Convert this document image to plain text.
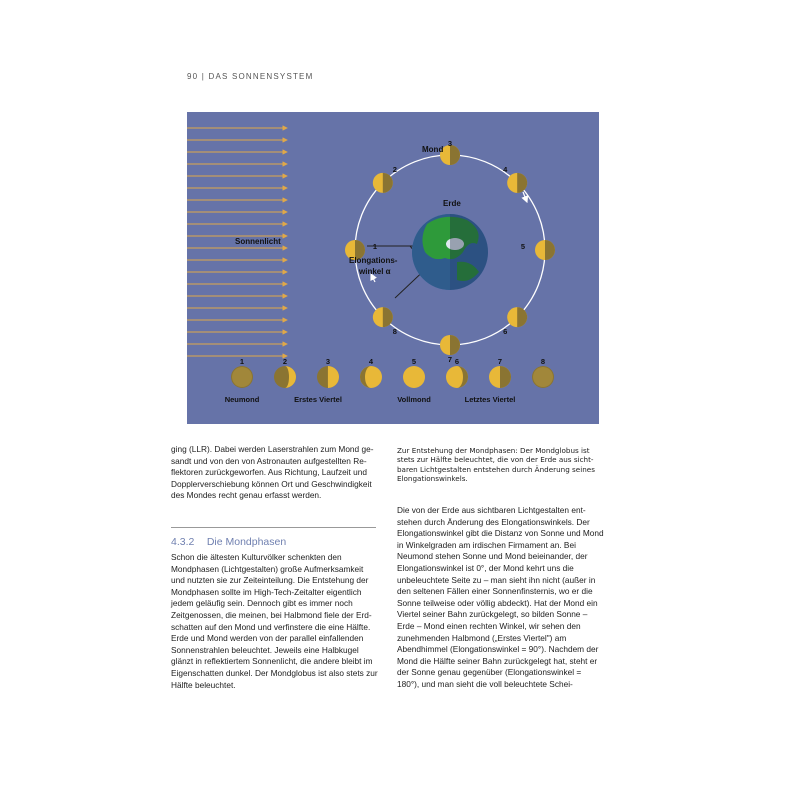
90 | DAS SONNENSYSTEM
1
2
3
4
5
6
7
8
1	2	3	4	5	6	7	8
Neumond	Erstes Viertel	Vollmond	Letztes Viertel
Sonnenlicht
Erde
Mond
Elongations-
winkel α

ging (LLR). Dabei werden Laserstrahlen zum Mond gesandt und von den von Astronauten aufgestellten Reflektoren zurückgeworfen. Aus Richtung, Laufzeit und Dopplerverschiebung können Ort und Geschwindigkeit des Mondes recht genau erfasst werden.

4.3.2 Die Mondphasen

Schon die ältesten Kulturvölker schenkten den Mondphasen (Lichtgestalten) große Aufmerksamkeit und nutzten sie zur Zeiteinteilung. Die Entstehung der Mondphasen sollte im High-Tech-Zeitalter eigentlich jedem geläufig sein. Dennoch gibt es immer noch Zeitgenossen, die meinen, bei Halbmond fiele der Erdschatten auf den Mond und verfinstere die eine Hälfte. Erde und Mond werden von der parallel einfallenden Sonnenstrahlen beleuchtet. Jeweils eine Halbkugel glänzt in reflektiertem Sonnenlicht, die andere bleibt im Eigenschatten dunkel. Der Mondglobus ist also stets zur Hälfte beleuchtet.

Zur Entstehung der Mondphasen: Der Mondglobus ist stets zur Hälfte beleuchtet, die von der Erde aus sichtbaren Lichtgestalten entstehen durch Änderung seines Elongationswinkels.

Die von der Erde aus sichtbaren Lichtgestalten entstehen durch Änderung des Elongationswinkels. Der Elongationswinkel gibt die Distanz von Sonne und Mond in Winkelgraden am irdischen Firmament an. Bei Neumond stehen Sonne und Mond beieinander, der Elongationswinkel ist 0°, der Mond kehrt uns die unbeleuchtete Seite zu – man sieht ihn nicht (außer in den seltenen Fällen einer Sonnenfinsternis, wo er die Sonne teilweise oder völlig abdeckt). Hat der Mond ein Viertel seiner Bahn zurückgelegt, so bilden Sonne – Erde – Mond einen rechten Winkel, wir sehen den zunehmenden Halbmond („Erstes Viertel") am Abendhimmel (Elongationswinkel = 90°). Nachdem der Mond die Hälfte seiner Bahn zurückgelegt hat, steht er der Sonne genau gegenüber (Elongationswinkel = 180°), und man sieht die voll beleuchtete Schei-
